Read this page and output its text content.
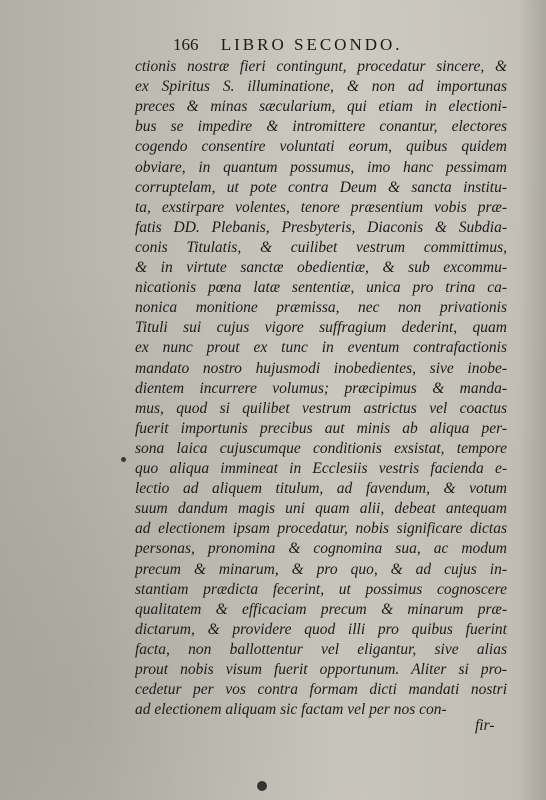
166 LIBRO SECONDO.
ctionis nostræ fieri contingunt, procedatur sincere, &
ex Spiritus S. illuminatione, & non ad importunas
preces & minas sæcularium, qui etiam in electioni-
bus se impedire & intromittere conantur, electores
cogendo consentire voluntati eorum, quibus quidem
obviare, in quantum possumus, imo hanc pessimam
corruptelam, ut pote contra Deum & sancta institu-
ta, exstirpare volentes, tenore præsentium vobis præ-
fatis DD. Plebanis, Presbyteris, Diaconis & Subdia-
conis Titulatis, & cuilibet vestrum committimus,
& in virtute sanctæ obedientiæ, & sub excommu-
nicationis pœna latæ sententiæ, unica pro trina ca-
nonica monitione præmissa, nec non privationis
Tituli sui cujus vigore suffragium dederint, quam
ex nunc prout ex tunc in eventum contrafactionis
mandato nostro hujusmodi inobedientes, sive inobe-
dientem incurrere volumus; præcipimus & manda-
mus, quod si quilibet vestrum astrictus vel coactus
fuerit importunis precibus aut minis ab aliqua per-
sona laica cujuscumque conditionis exsistat, tempore
quo aliqua immineat in Ecclesiis vestris facienda e-
lectio ad aliquem titulum, ad favendum, & votum
suum dandum magis uni quam alii, debeat antequam
ad electionem ipsam procedatur, nobis significare dictas
personas, pronomina & cognomina sua, ac modum
precum & minarum, & pro quo, & ad cujus in-
stantiam prædicta fecerint, ut possimus cognoscere
qualitatem & efficaciam precum & minarum præ-
dictarum, & providere quod illi pro quibus fuerint
facta, non ballottentur vel eligantur, sive alias
prout nobis visum fuerit opportunum. Aliter si pro-
cedetur per vos contra formam dicti mandati nostri
ad electionem aliquam sic factam vel per nos con-
fir-
